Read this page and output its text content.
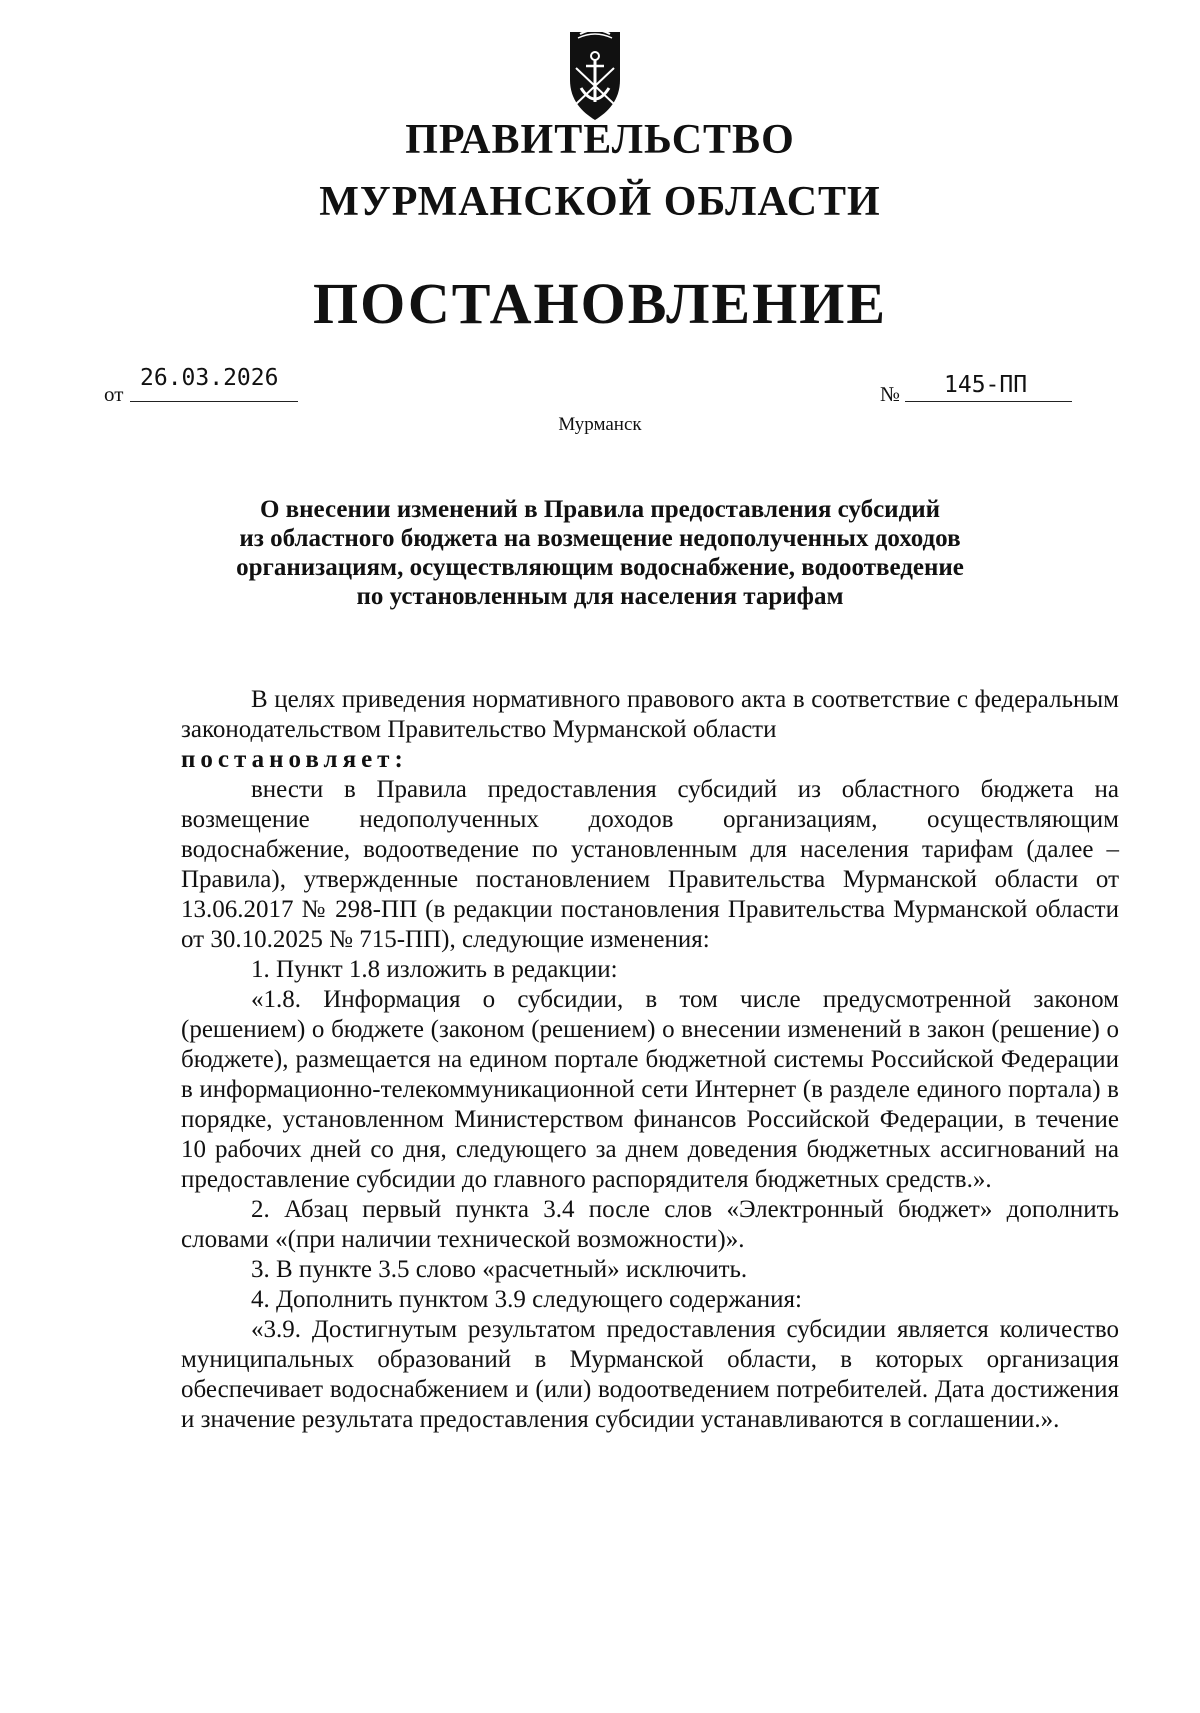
ПРАВИТЕЛЬСТВО
МУРМАНСКОЙ ОБЛАСТИ
ПОСТАНОВЛЕНИЕ
от
26.03.2026
№ 145-ПП
Мурманск
О внесении изменений в Правила предоставления субсидий
из областного бюджета на возмещение недополученных доходов
организациям, осуществляющим водоснабжение, водоотведение
по установленным для населения тарифам

В целях приведения нормативного правового акта в соответствие с федеральным законодательством Правительство Мурманской области

постановляет:

внести в Правила предоставления субсидий из областного бюджета на возмещение недополученных доходов организациям, осуществляющим водоснабжение, водоотведение по установленным для населения тарифам (далее – Правила), утвержденные постановлением Правительства Мурманской области от 13.06.2017 № 298-ПП (в редакции постановления Правительства Мурманской области от 30.10.2025 № 715-ПП), следующие изменения:

1. Пункт 1.8 изложить в редакции:

«1.8. Информация о субсидии, в том числе предусмотренной законом (решением) о бюджете (законом (решением) о внесении изменений в закон (решение) о бюджете), размещается на едином портале бюджетной системы Российской Федерации в информационно-телекоммуникационной сети Интернет (в разделе единого портала) в порядке, установленном Министерством финансов Российской Федерации, в течение 10 рабочих дней со дня, следующего за днем доведения бюджетных ассигнований на предоставление субсидии до главного распорядителя бюджетных средств.».

2. Абзац первый пункта 3.4 после слов «Электронный бюджет» дополнить словами «(при наличии технической возможности)».

3. В пункте 3.5 слово «расчетный» исключить.

4. Дополнить пунктом 3.9 следующего содержания:

«3.9. Достигнутым результатом предоставления субсидии является количество муниципальных образований в Мурманской области, в которых организация обеспечивает водоснабжением и (или) водоотведением потребителей. Дата достижения и значение результата предоставления субсидии устанавливаются в соглашении.».
